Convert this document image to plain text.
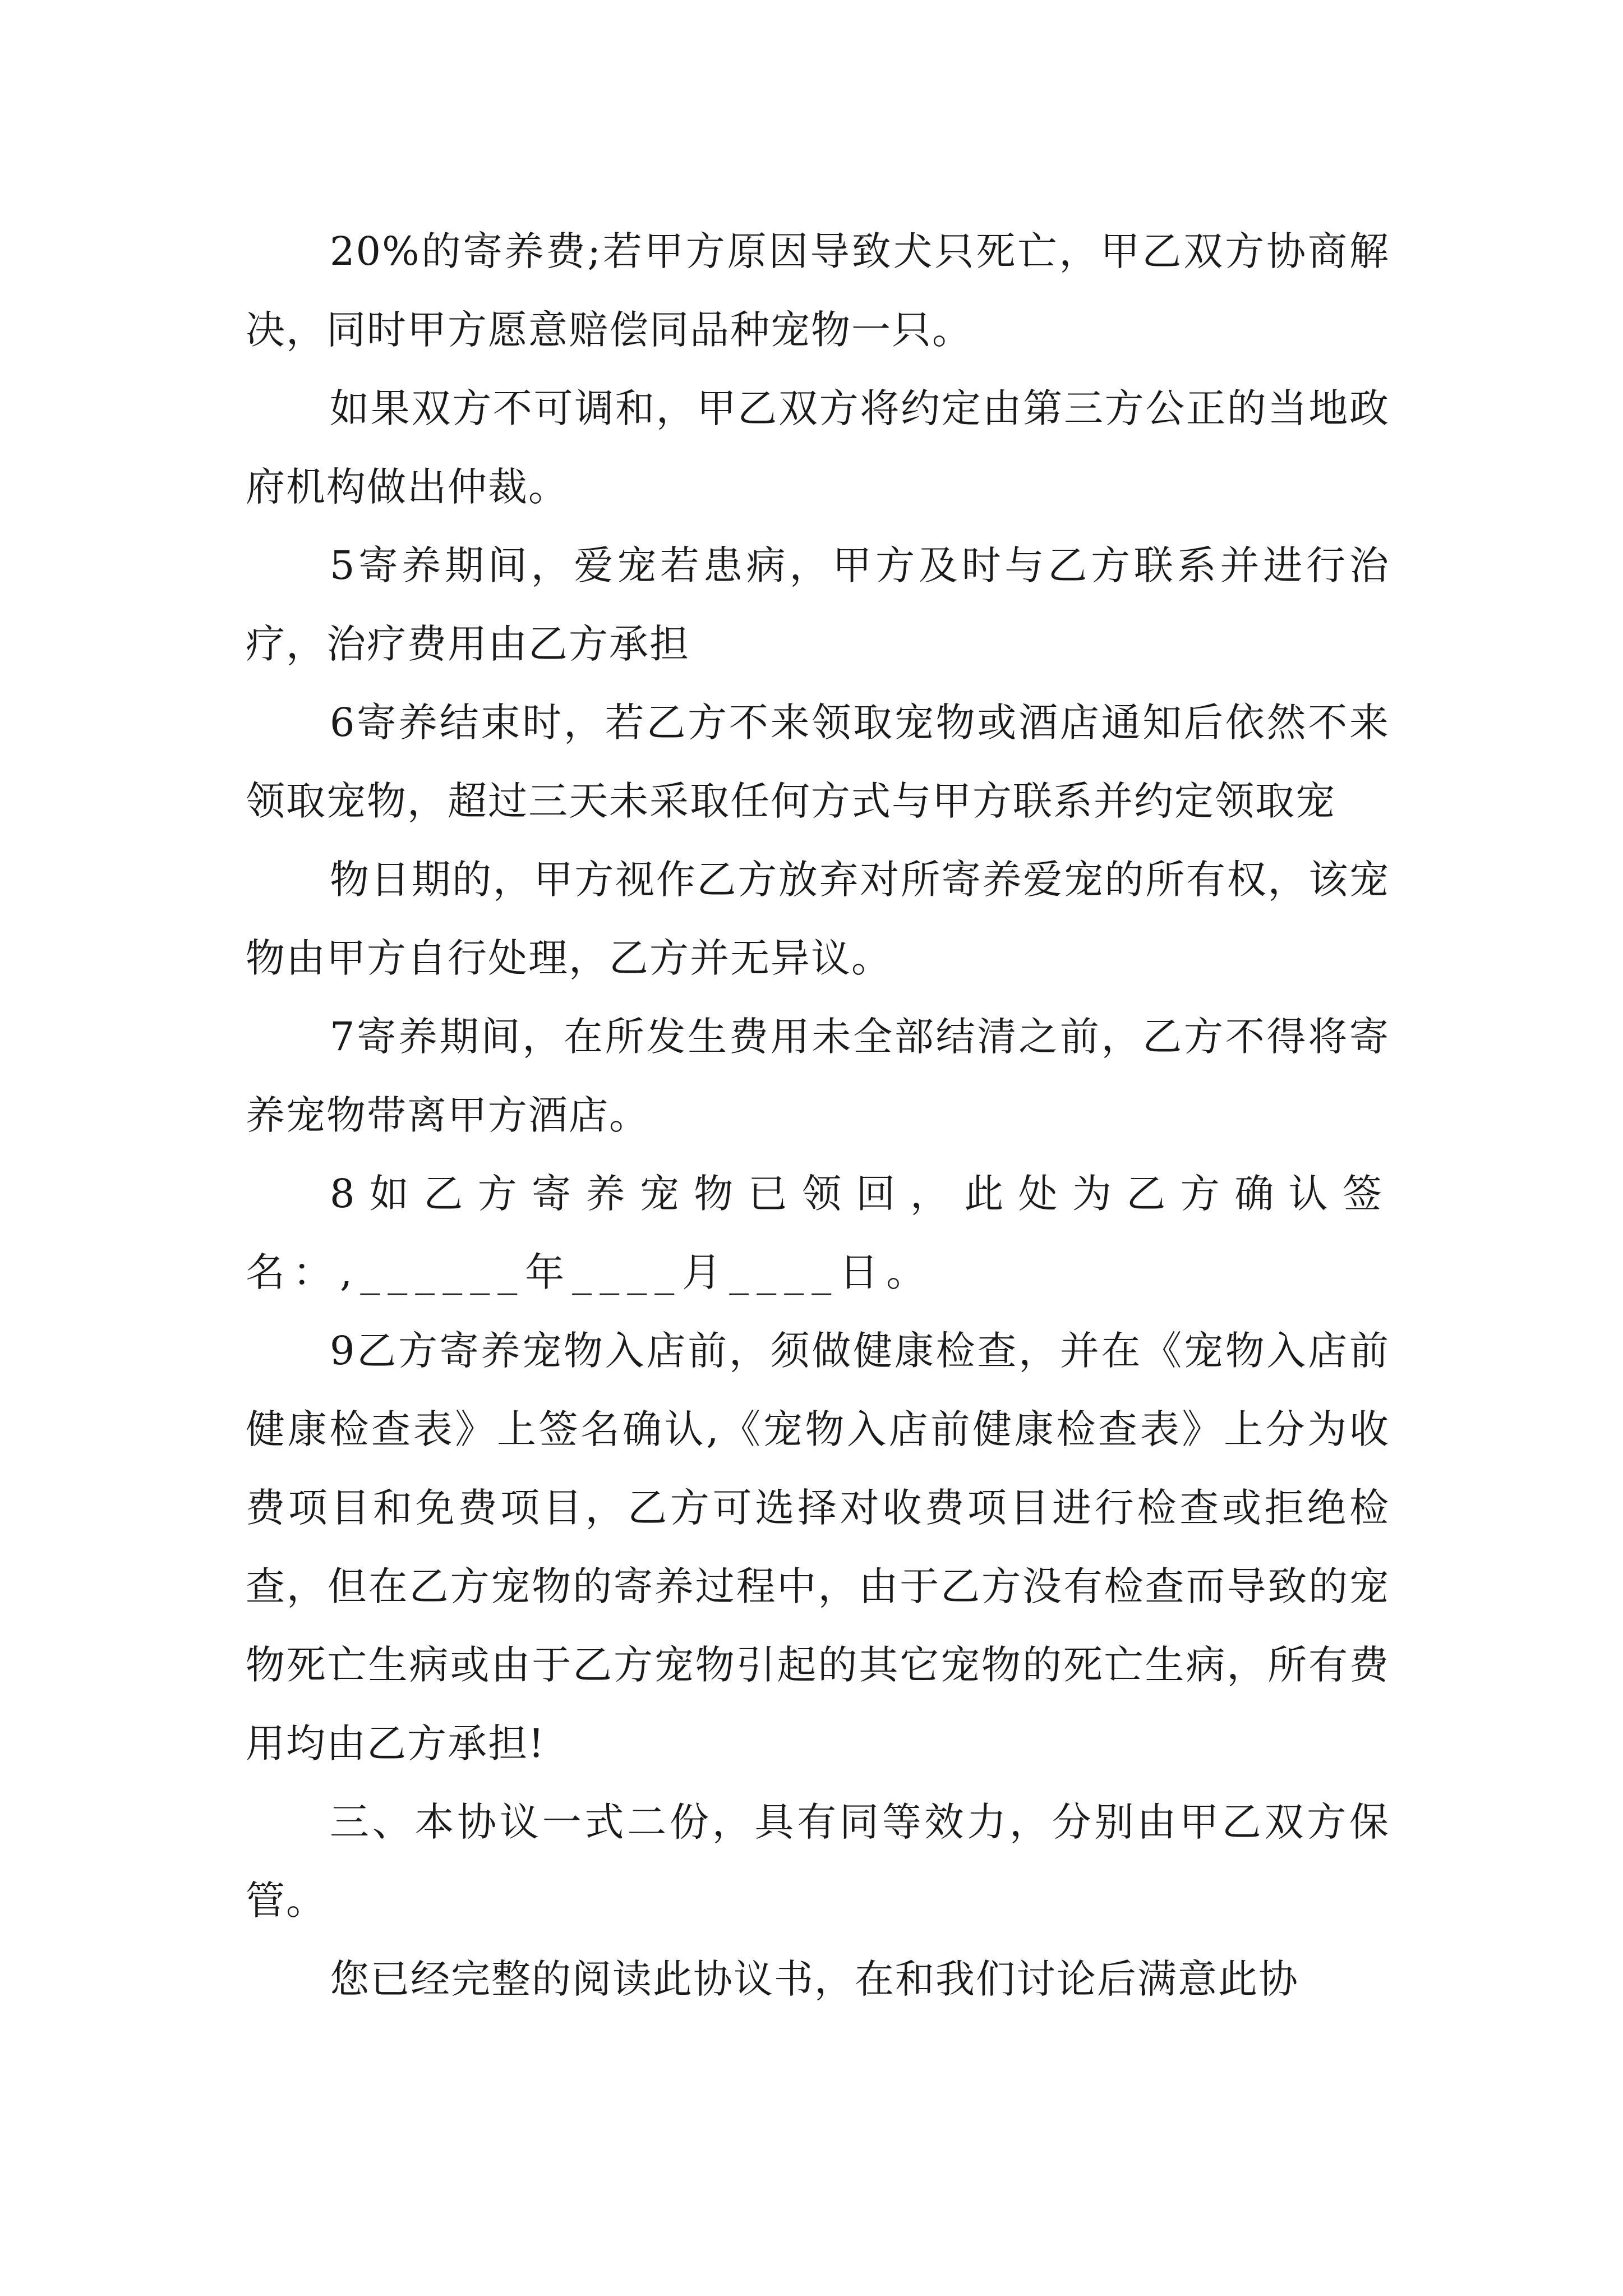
20%的寄养费;若甲方原因导致犬只死亡，甲乙双方协商解决，同时甲方愿意赔偿同品种宠物一只。

如果双方不可调和，甲乙双方将约定由第三方公正的当地政府机构做出仲裁。

5寄养期间，爱宠若患病，甲方及时与乙方联系并进行治疗，治疗费用由乙方承担

6寄养结束时，若乙方不来领取宠物或酒店通知后依然不来领取宠物，超过三天未采取任何方式与甲方联系并约定领取宠

物日期的，甲方视作乙方放弃对所寄养爱宠的所有权，该宠物由甲方自行处理，乙方并无异议。

7寄养期间，在所发生费用未全部结清之前，乙方不得将寄养宠物带离甲方酒店。

8如乙方寄养宠物已领回，此处为乙方确认签名：,______年____月____日。

9乙方寄养宠物入店前，须做健康检查，并在《宠物入店前健康检查表》上签名确认,《宠物入店前健康检查表》上分为收费项目和免费项目，乙方可选择对收费项目进行检查或拒绝检查，但在乙方宠物的寄养过程中，由于乙方没有检查而导致的宠物死亡生病或由于乙方宠物引起的其它宠物的死亡生病，所有费用均由乙方承担!

三、本协议一式二份，具有同等效力，分别由甲乙双方保管。

您已经完整的阅读此协议书，在和我们讨论后满意此协
